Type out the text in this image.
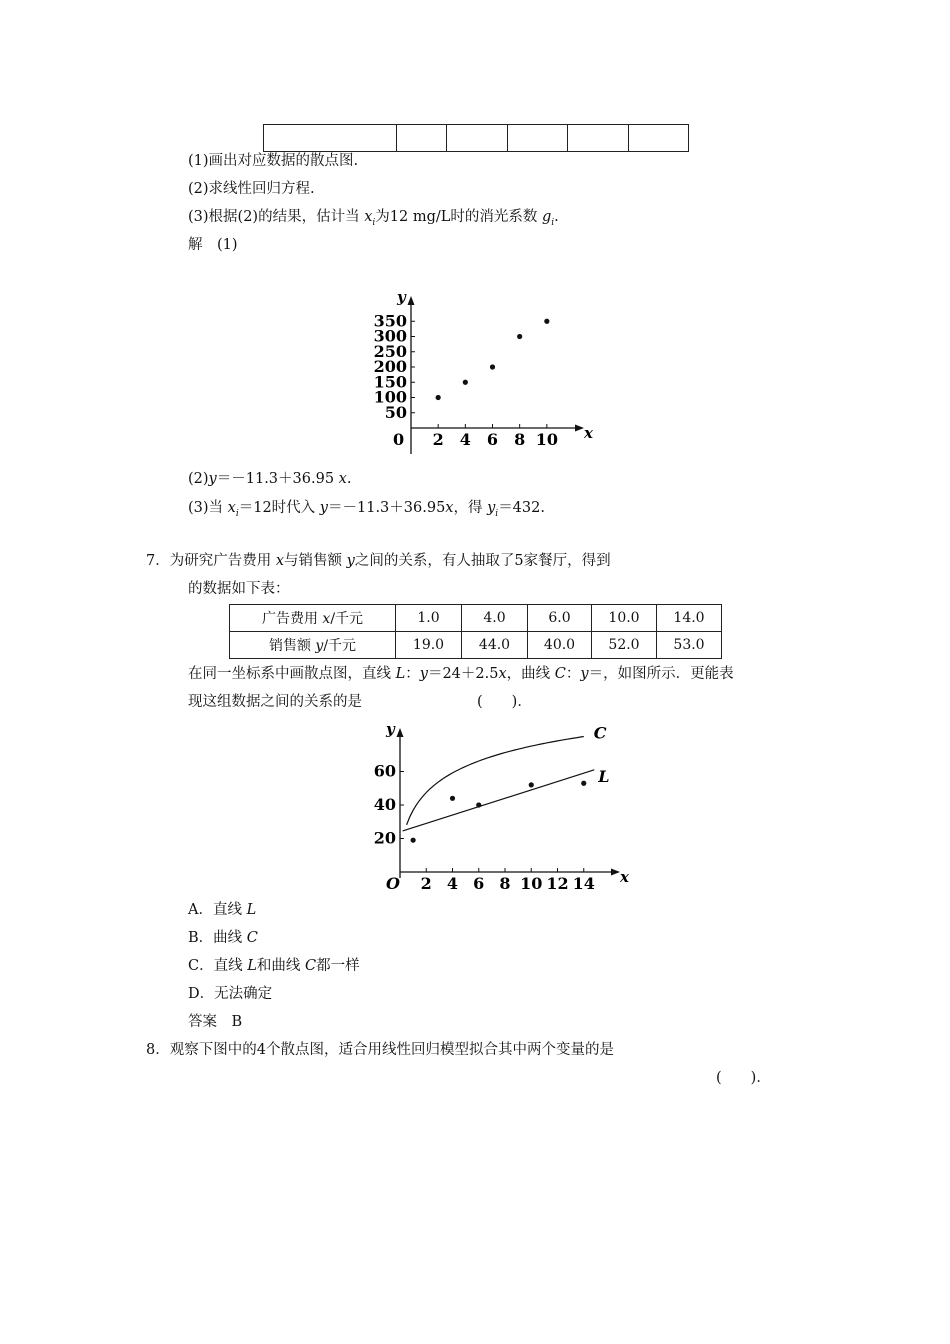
(1)画出对应数据的散点图.
(2)求线性回归方程.
(3)根据(2)的结果，估计当 $x_i$为12 mg/L时的消光系数 $g_i$.
解　(1)
x
y
0 2 4 6 8 10
350
300
250
200
150
100
50
(2)y＝－11.3＋36.95 x.
(3)当 $x_i=12$时代入 y＝－11.3＋36.95x，得 $y_i=432$.
7．为研究广告费用 x与销售额 y之间的关系，有人抽取了5家餐厅，得到
的数据如下表：
广告费用 x/千元	1.0	4.0	6.0	10.0	14.0
销售额 y/千元	19.0	44.0	40.0	52.0	53.0
在同一坐标系中画散点图，直线 L：y＝24＋2.5x，曲线 C：y＝，如图所示．更能表
现这组数据之间的关系的是	(　　)．
x
y
O 2 4 6 8 10 12 14
60
40
20
L
C
A．直线 L
B．曲线 C
C．直线 L和曲线 C都一样
D．无法确定
答案　B
8．观察下图中的4个散点图，适合用线性回归模型拟合其中两个变量的是
(　　)．
